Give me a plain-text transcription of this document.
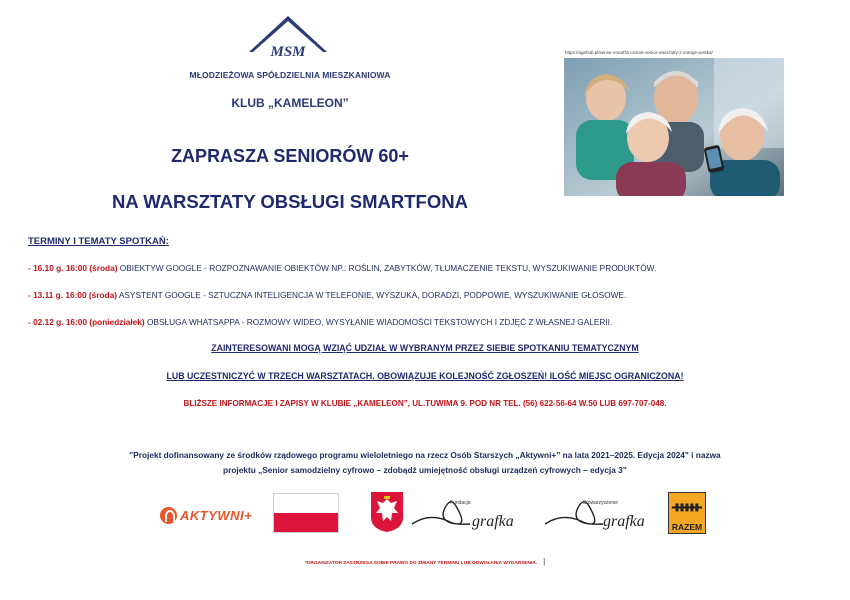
MSM
MŁODZIEŻOWA SPÓŁDZIELNIA MIESZKANIOWA
KLUB „KAMELEON”
ZAPRASZA SENIORÓW 60+
NA WARSZTATY OBSŁUGI SMARTFONA
https://agehub.pl/senior-smartfon-smart-senior-warsztaty-z-orange-polska/
TERMINY I TEMATY SPOTKAŃ:
- 16.10 g. 16:00 (środa) OBIEKTYW GOOGLE - ROZPOZNAWANIE OBIEKTÓW NP.: ROŚLIN, ZABYTKÓW, TŁUMACZENIE TEKSTU, WYSZUKIWANIE PRODUKTÓW.
- 13.11 g. 16:00 (środa) ASYSTENT GOOGLE - SZTUCZNA INTELIGENCJA W TELEFONIE, WYSZUKA, DORADZI, PODPOWIE, WYSZUKIWANIE GŁOSOWE.
- 02.12 g. 16:00 (poniedziałek) OBSŁUGA WHATSAPPA - ROZMOWY WIDEO, WYSYŁANIE WIADOMOŚCI TEKSTOWYCH I ZDJĘĆ Z WŁASNEJ GALERII.
ZAINTERESOWANI MOGĄ WZIĄĆ UDZIAŁ W WYBRANYM PRZEZ SIEBIE SPOTKANIU TEMATYCZNYM
LUB UCZESTNICZYĆ W TRZECH WARSZTATACH. OBOWIĄZUJE KOLEJNOŚĆ ZGŁOSZEŃ! ILOŚĆ MIEJSC OGRANICZONA!
BLIŻSZE INFORMACJE I ZAPISY W KLUBIE „KAMELEON”, UL.TUWIMA 9. POD NR TEL. (56) 622-56-64 W.50 LUB 697-707-048.
"Projekt dofinansowany ze środków rządowego programu wieloletniego na rzecz Osób Starszych „Aktywni+” na lata 2021–2025. Edycja 2024" i nazwa
projektu „Senior samodzielny cyfrowo – zdobądź umiejętność obsługi urządzeń cyfrowych – edycja 3”
AKTYWNI+
Fundacja
grafka
Stowarzyszenie
grafka
ᚔ
RAZEM
*ORGANIZATOR ZASTRZEGA SOBIE PRAWO DO ZMIANY TERMINU LUB ODWOŁANIA WYDARZENIA. |
